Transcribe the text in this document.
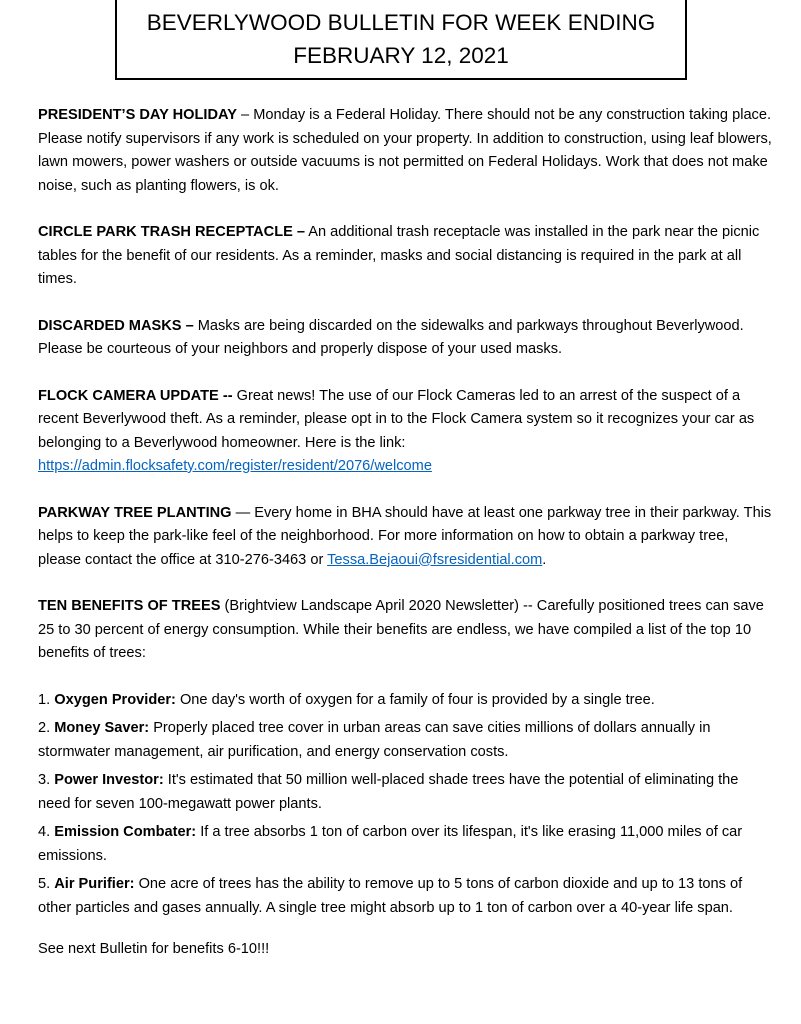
BEVERLYWOOD BULLETIN FOR WEEK ENDING
FEBRUARY 12, 2021

PRESIDENT’S DAY HOLIDAY – Monday is a Federal Holiday. There should not be any construction taking place. Please notify supervisors if any work is scheduled on your property. In addition to construction, using leaf blowers, lawn mowers, power washers or outside vacuums is not permitted on Federal Holidays. Work that does not make noise, such as planting flowers, is ok.

CIRCLE PARK TRASH RECEPTACLE – An additional trash receptacle was installed in the park near the picnic tables for the benefit of our residents. As a reminder, masks and social distancing is required in the park at all times.

DISCARDED MASKS – Masks are being discarded on the sidewalks and parkways throughout Beverlywood. Please be courteous of your neighbors and properly dispose of your used masks.

FLOCK CAMERA UPDATE -- Great news! The use of our Flock Cameras led to an arrest of the suspect of a recent Beverlywood theft. As a reminder, please opt in to the Flock Camera system so it recognizes your car as belonging to a Beverlywood homeowner. Here is the link:

https://admin.flocksafety.com/register/resident/2076/welcome

PARKWAY TREE PLANTING — Every home in BHA should have at least one parkway tree in their parkway. This helps to keep the park-like feel of the neighborhood. For more information on how to obtain a parkway tree, please contact the office at 310-276-3463 or Tessa.Bejaoui@fsresidential.com.

TEN BENEFITS OF TREES (Brightview Landscape April 2020 Newsletter) -- Carefully positioned trees can save 25 to 30 percent of energy consumption. While their benefits are endless, we have compiled a list of the top 10 benefits of trees:

1. Oxygen Provider: One day's worth of oxygen for a family of four is provided by a single tree.

2. Money Saver: Properly placed tree cover in urban areas can save cities millions of dollars annually in stormwater management, air purification, and energy conservation costs.

3. Power Investor: It's estimated that 50 million well-placed shade trees have the potential of eliminating the need for seven 100-megawatt power plants.

4. Emission Combater: If a tree absorbs 1 ton of carbon over its lifespan, it's like erasing 11,000 miles of car emissions.

5. Air Purifier: One acre of trees has the ability to remove up to 5 tons of carbon dioxide and up to 13 tons of other particles and gases annually. A single tree might absorb up to 1 ton of carbon over a 40-year life span.

See next Bulletin for benefits 6-10!!!
